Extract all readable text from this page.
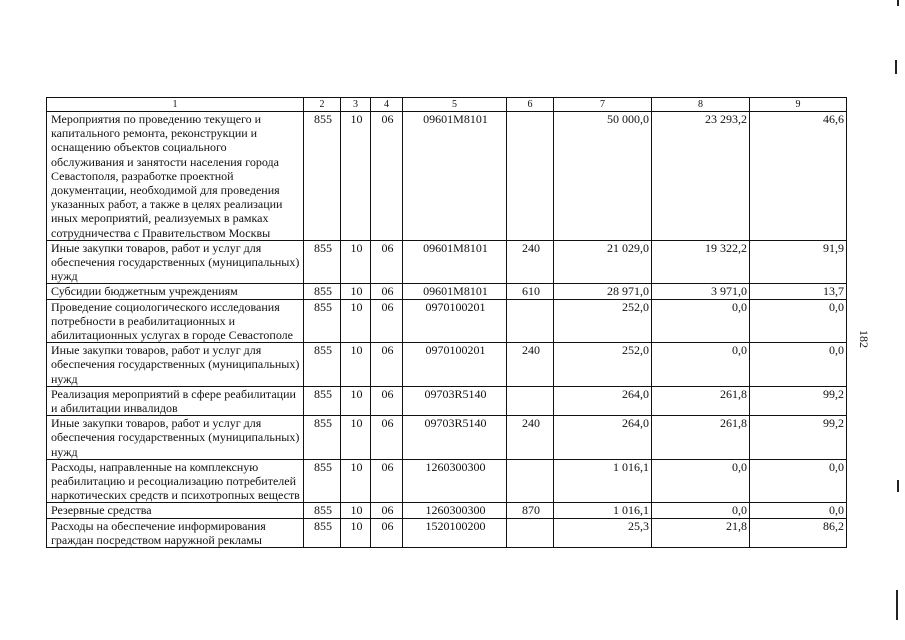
182
1	2	3	4	5	6	7	8	9
Мероприятия по проведению текущего и капитального ремонта, реконструкции и оснащению объектов социального обслуживания и занятости населения города Севастополя, разработке проектной документации, необходимой для проведения указанных работ, а также в целях реализации иных мероприятий, реализуемых в рамках сотрудничества с Правительством Москвы	855	10	06	09601М8101		50 000,0	23 293,2	46,6
Иные закупки товаров, работ и услуг для обеспечения государственных (муниципальных) нужд	855	10	06	09601М8101	240	21 029,0	19 322,2	91,9
Субсидии бюджетным учреждениям	855	10	06	09601М8101	610	28 971,0	3 971,0	13,7
Проведение социологического исследования потребности в реабилитационных и абилитационных услугах в городе Севастополе	855	10	06	0970100201		252,0	0,0	0,0
Иные закупки товаров, работ и услуг для обеспечения государственных (муниципальных) нужд	855	10	06	0970100201	240	252,0	0,0	0,0
Реализация мероприятий в сфере реабилитации и абилитации инвалидов	855	10	06	09703R5140		264,0	261,8	99,2
Иные закупки товаров, работ и услуг для обеспечения государственных (муниципальных) нужд	855	10	06	09703R5140	240	264,0	261,8	99,2
Расходы, направленные на комплексную реабилитацию и ресоциализацию потребителей наркотических средств и психотропных веществ	855	10	06	1260300300		1 016,1	0,0	0,0
Резервные средства	855	10	06	1260300300	870	1 016,1	0,0	0,0
Расходы на обеспечение информирования граждан посредством наружной рекламы	855	10	06	1520100200		25,3	21,8	86,2
